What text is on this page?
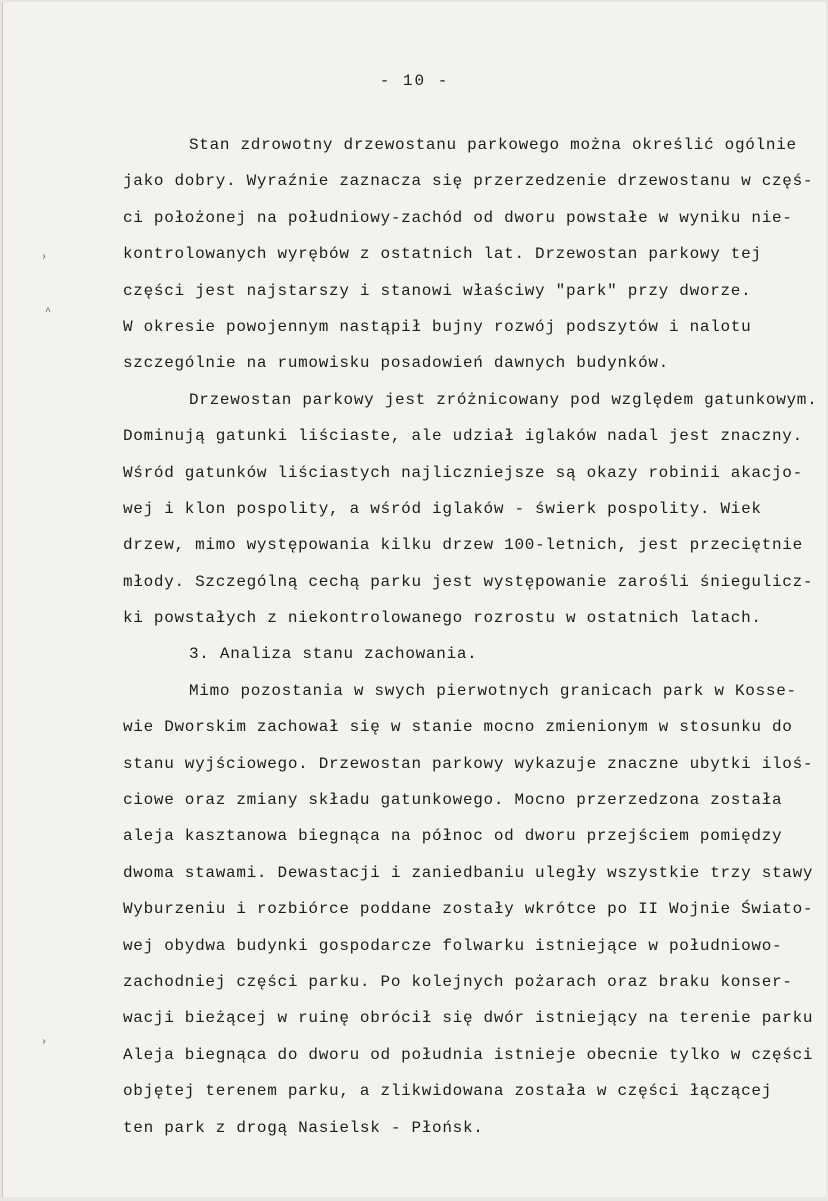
- 10 -
›
^
›
Stan zdrowotny drzewostanu parkowego można określić ogólnie
jako dobry. Wyraźnie zaznacza się przerzedzenie drzewostanu w częś-
ci położonej na południowy-zachód od dworu powstałe w wyniku nie-
kontrolowanych wyrębów z ostatnich lat. Drzewostan parkowy tej
części jest najstarszy i stanowi właściwy "park" przy dworze.
W okresie powojennym nastąpił bujny rozwój podszytów i nalotu
szczególnie na rumowisku posadowień dawnych budynków.
Drzewostan parkowy jest zróżnicowany pod względem gatunkowym.
Dominują gatunki liściaste, ale udział iglaków nadal jest znaczny.
Wśród gatunków liściastych najliczniejsze są okazy robinii akacjo-
wej i klon pospolity, a wśród iglaków - świerk pospolity. Wiek
drzew, mimo występowania kilku drzew 100-letnich, jest przeciętnie
młody. Szczególną cechą parku jest występowanie zarośli śniegulicz-
ki powstałych z niekontrolowanego rozrostu w ostatnich latach.
3. Analiza stanu zachowania.
Mimo pozostania w swych pierwotnych granicach park w Kosse-
wie Dworskim zachował się w stanie mocno zmienionym w stosunku do
stanu wyjściowego. Drzewostan parkowy wykazuje znaczne ubytki iloś-
ciowe oraz zmiany składu gatunkowego. Mocno przerzedzona została
aleja kasztanowa biegnąca na północ od dworu przejściem pomiędzy
dwoma stawami. Dewastacji i zaniedbaniu uległy wszystkie trzy stawy
Wyburzeniu i rozbiórce poddane zostały wkrótce po II Wojnie Świato-
wej obydwa budynki gospodarcze folwarku istniejące w południowo-
zachodniej części parku. Po kolejnych pożarach oraz braku konser-
wacji bieżącej w ruinę obrócił się dwór istniejący na terenie parku
Aleja biegnąca do dworu od południa istnieje obecnie tylko w części
objętej terenem parku, a zlikwidowana została w części łączącej
ten park z drogą Nasielsk - Płońsk.
